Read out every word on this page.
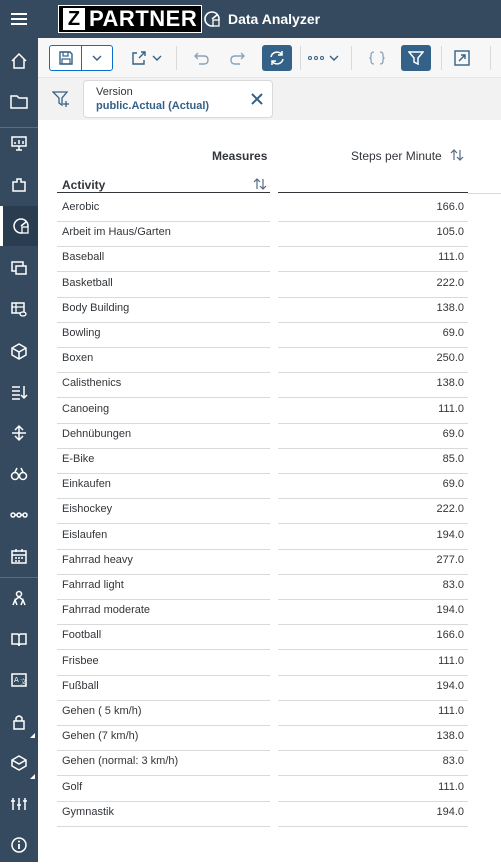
Z PARTNER Data Analyzer
A 文
Version
public.Actual (Actual)
Measures	Steps per Minute
Activity
Aerobic	166.0
Arbeit im Haus/Garten	105.0
Baseball	111.0
Basketball	222.0
Body Building	138.0
Bowling	69.0
Boxen	250.0
Calisthenics	138.0
Canoeing	111.0
Dehnübungen	69.0
E-Bike	85.0
Einkaufen	69.0
Eishockey	222.0
Eislaufen	194.0
Fahrrad heavy	277.0
Fahrrad light	83.0
Fahrrad moderate	194.0
Football	166.0
Frisbee	111.0
Fußball	194.0
Gehen ( 5 km/h)	111.0
Gehen (7 km/h)	138.0
Gehen (normal: 3 km/h)	83.0
Golf	111.0
Gymnastik	194.0
